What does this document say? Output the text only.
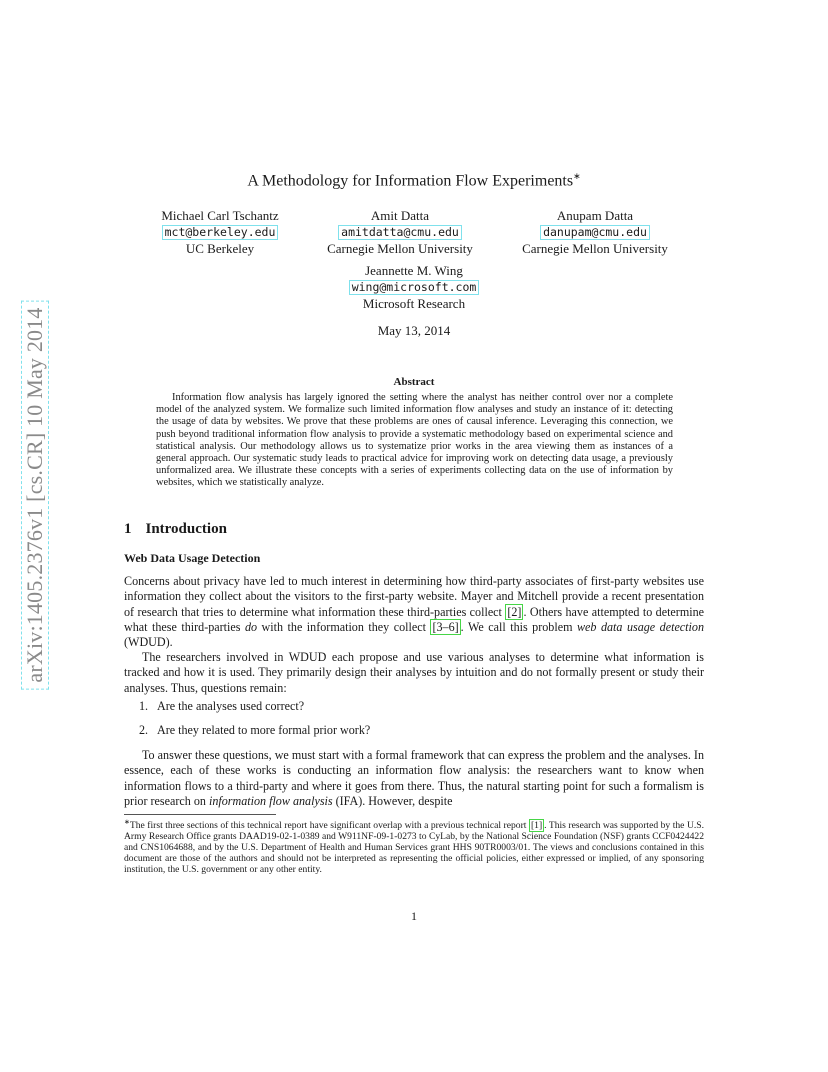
arXiv:1405.2376v1 [cs.CR] 10 May 2014
A Methodology for Information Flow Experiments∗
Michael Carl Tschantz
mct@berkeley.edu
UC Berkeley
Amit Datta
amitdatta@cmu.edu
Carnegie Mellon University
Anupam Datta
danupam@cmu.edu
Carnegie Mellon University
Jeannette M. Wing
wing@microsoft.com
Microsoft Research
May 13, 2014
Abstract
Information flow analysis has largely ignored the setting where the analyst has neither control over nor a complete model of the analyzed system. We formalize such limited information flow analyses and study an instance of it: detecting the usage of data by websites. We prove that these problems are ones of causal inference. Leveraging this connection, we push beyond traditional information flow analysis to provide a systematic methodology based on experimental science and statistical analysis. Our methodology allows us to systematize prior works in the area viewing them as instances of a general approach. Our systematic study leads to practical advice for improving work on detecting data usage, a previously unformalized area. We illustrate these concepts with a series of experiments collecting data on the use of information by websites, which we statistically analyze.
1 Introduction
Web Data Usage Detection
Concerns about privacy have led to much interest in determining how third-party associates of first-party websites use information they collect about the visitors to the first-party website. Mayer and Mitchell provide a recent presentation of research that tries to determine what information these third-parties collect [2] . Others have attempted to determine what these third-parties do with the information they collect [3–6] . We call this problem web data usage detection (WDUD).
The researchers involved in WDUD each propose and use various analyses to determine what information is tracked and how it is used. They primarily design their analyses by intuition and do not formally present or study their analyses. Thus, questions remain:
1. Are the analyses used correct?
2. Are they related to more formal prior work?
To answer these questions, we must start with a formal framework that can express the problem and the analyses. In essence, each of these works is conducting an information flow analysis: the researchers want to know when information flows to a third-party and where it goes from there. Thus, the natural starting point for such a formalism is prior research on information flow analysis (IFA). However, despite
∗The first three sections of this technical report have significant overlap with a previous technical report [1] . This research was supported by the U.S. Army Research Office grants DAAD19-02-1-0389 and W911NF-09-1-0273 to CyLab, by the National Science Foundation (NSF) grants CCF0424422 and CNS1064688, and by the U.S. Department of Health and Human Services grant HHS 90TR0003/01. The views and conclusions contained in this document are those of the authors and should not be interpreted as representing the official policies, either expressed or implied, of any sponsoring institution, the U.S. government or any other entity.
1
